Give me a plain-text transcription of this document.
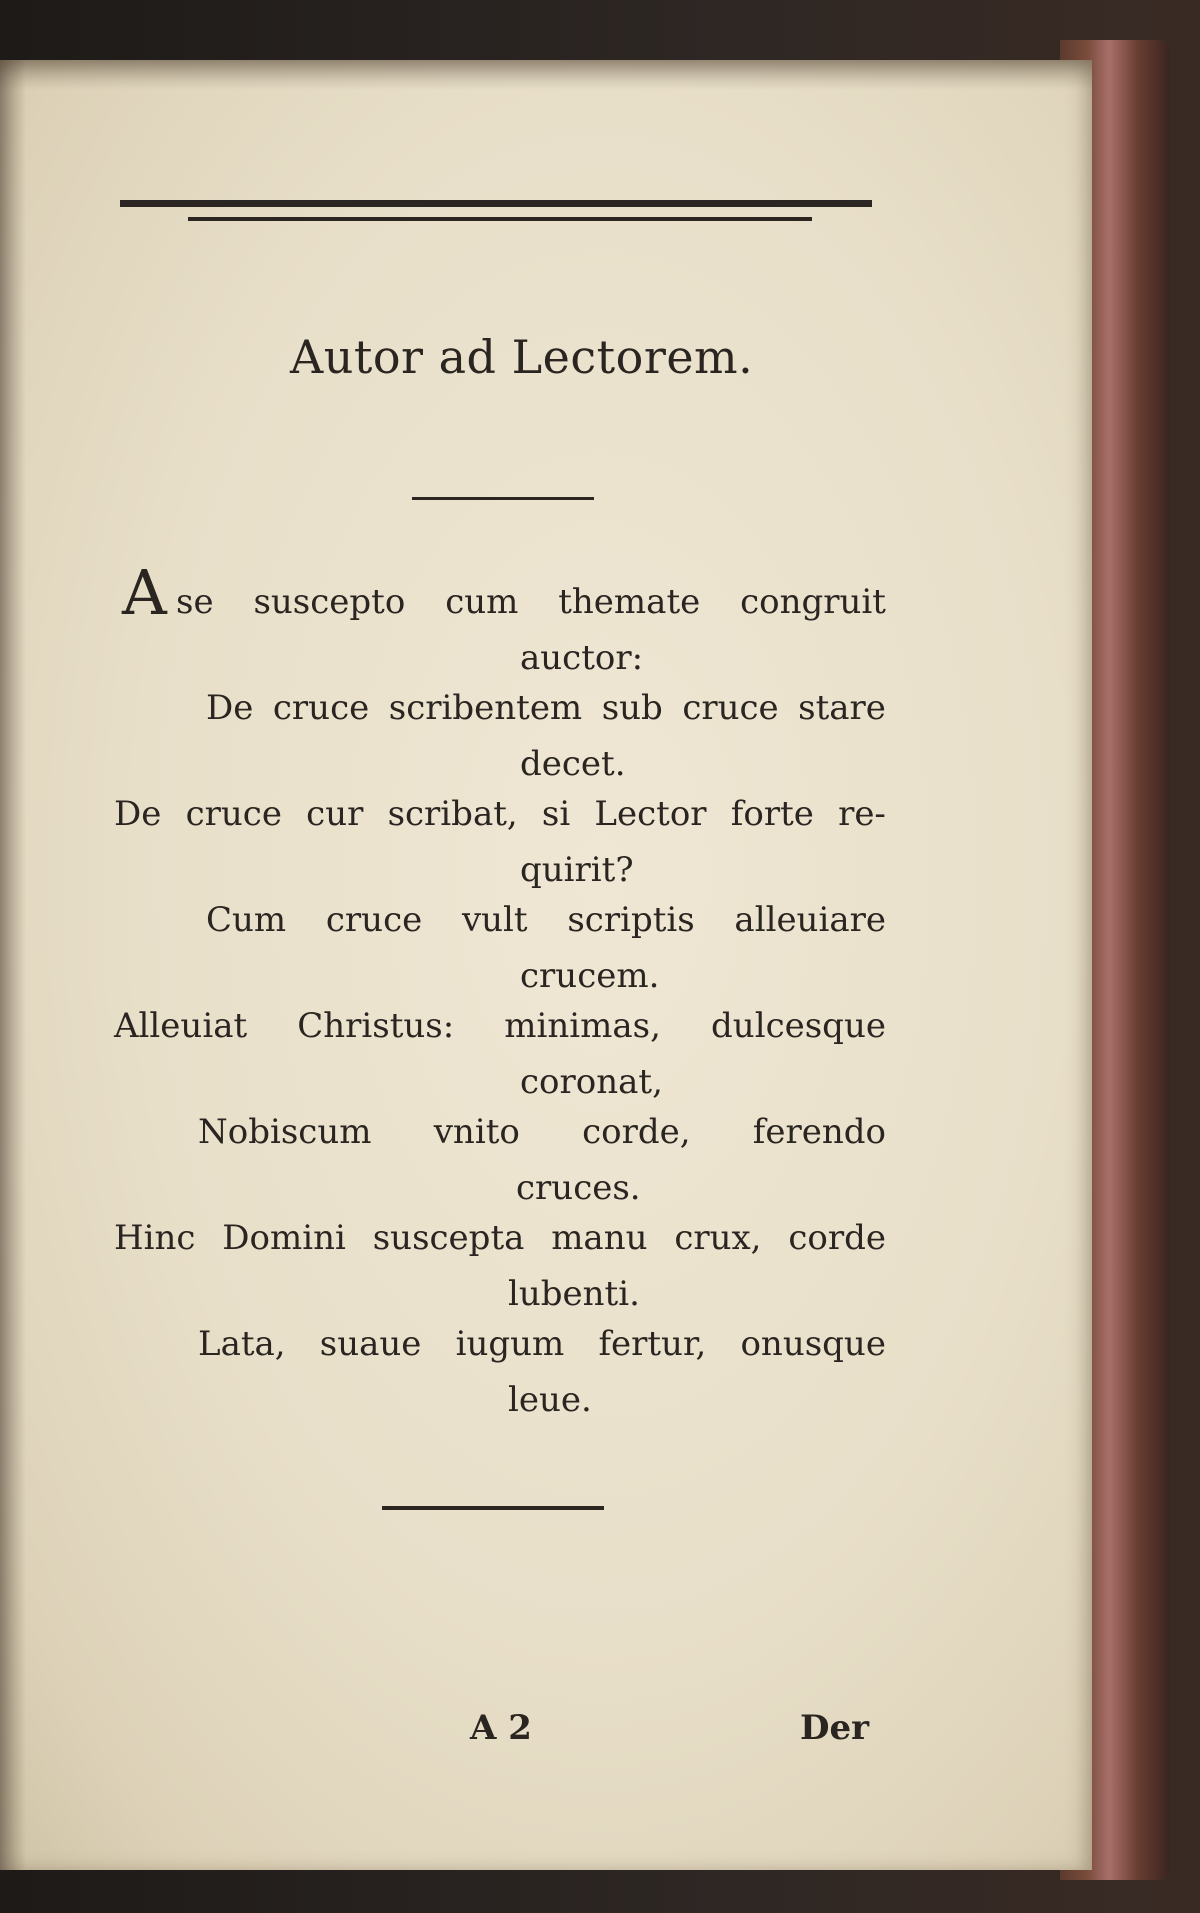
Autor ad Lectorem.
A se suscepto cum themate congruit
auctor:
De cruce scribentem sub cruce stare
decet.
De cruce cur scribat, si Lector forte re-
quirit?
Cum cruce vult scriptis alleuiare
crucem.
Alleuiat Christus: minimas, dulcesque
coronat,
Nobiscum vnito corde, ferendo
cruces.
Hinc Domini suscepta manu crux, corde
lubenti.
Lata, suaue iugum fertur, onusque
leue.
A 2	Der
